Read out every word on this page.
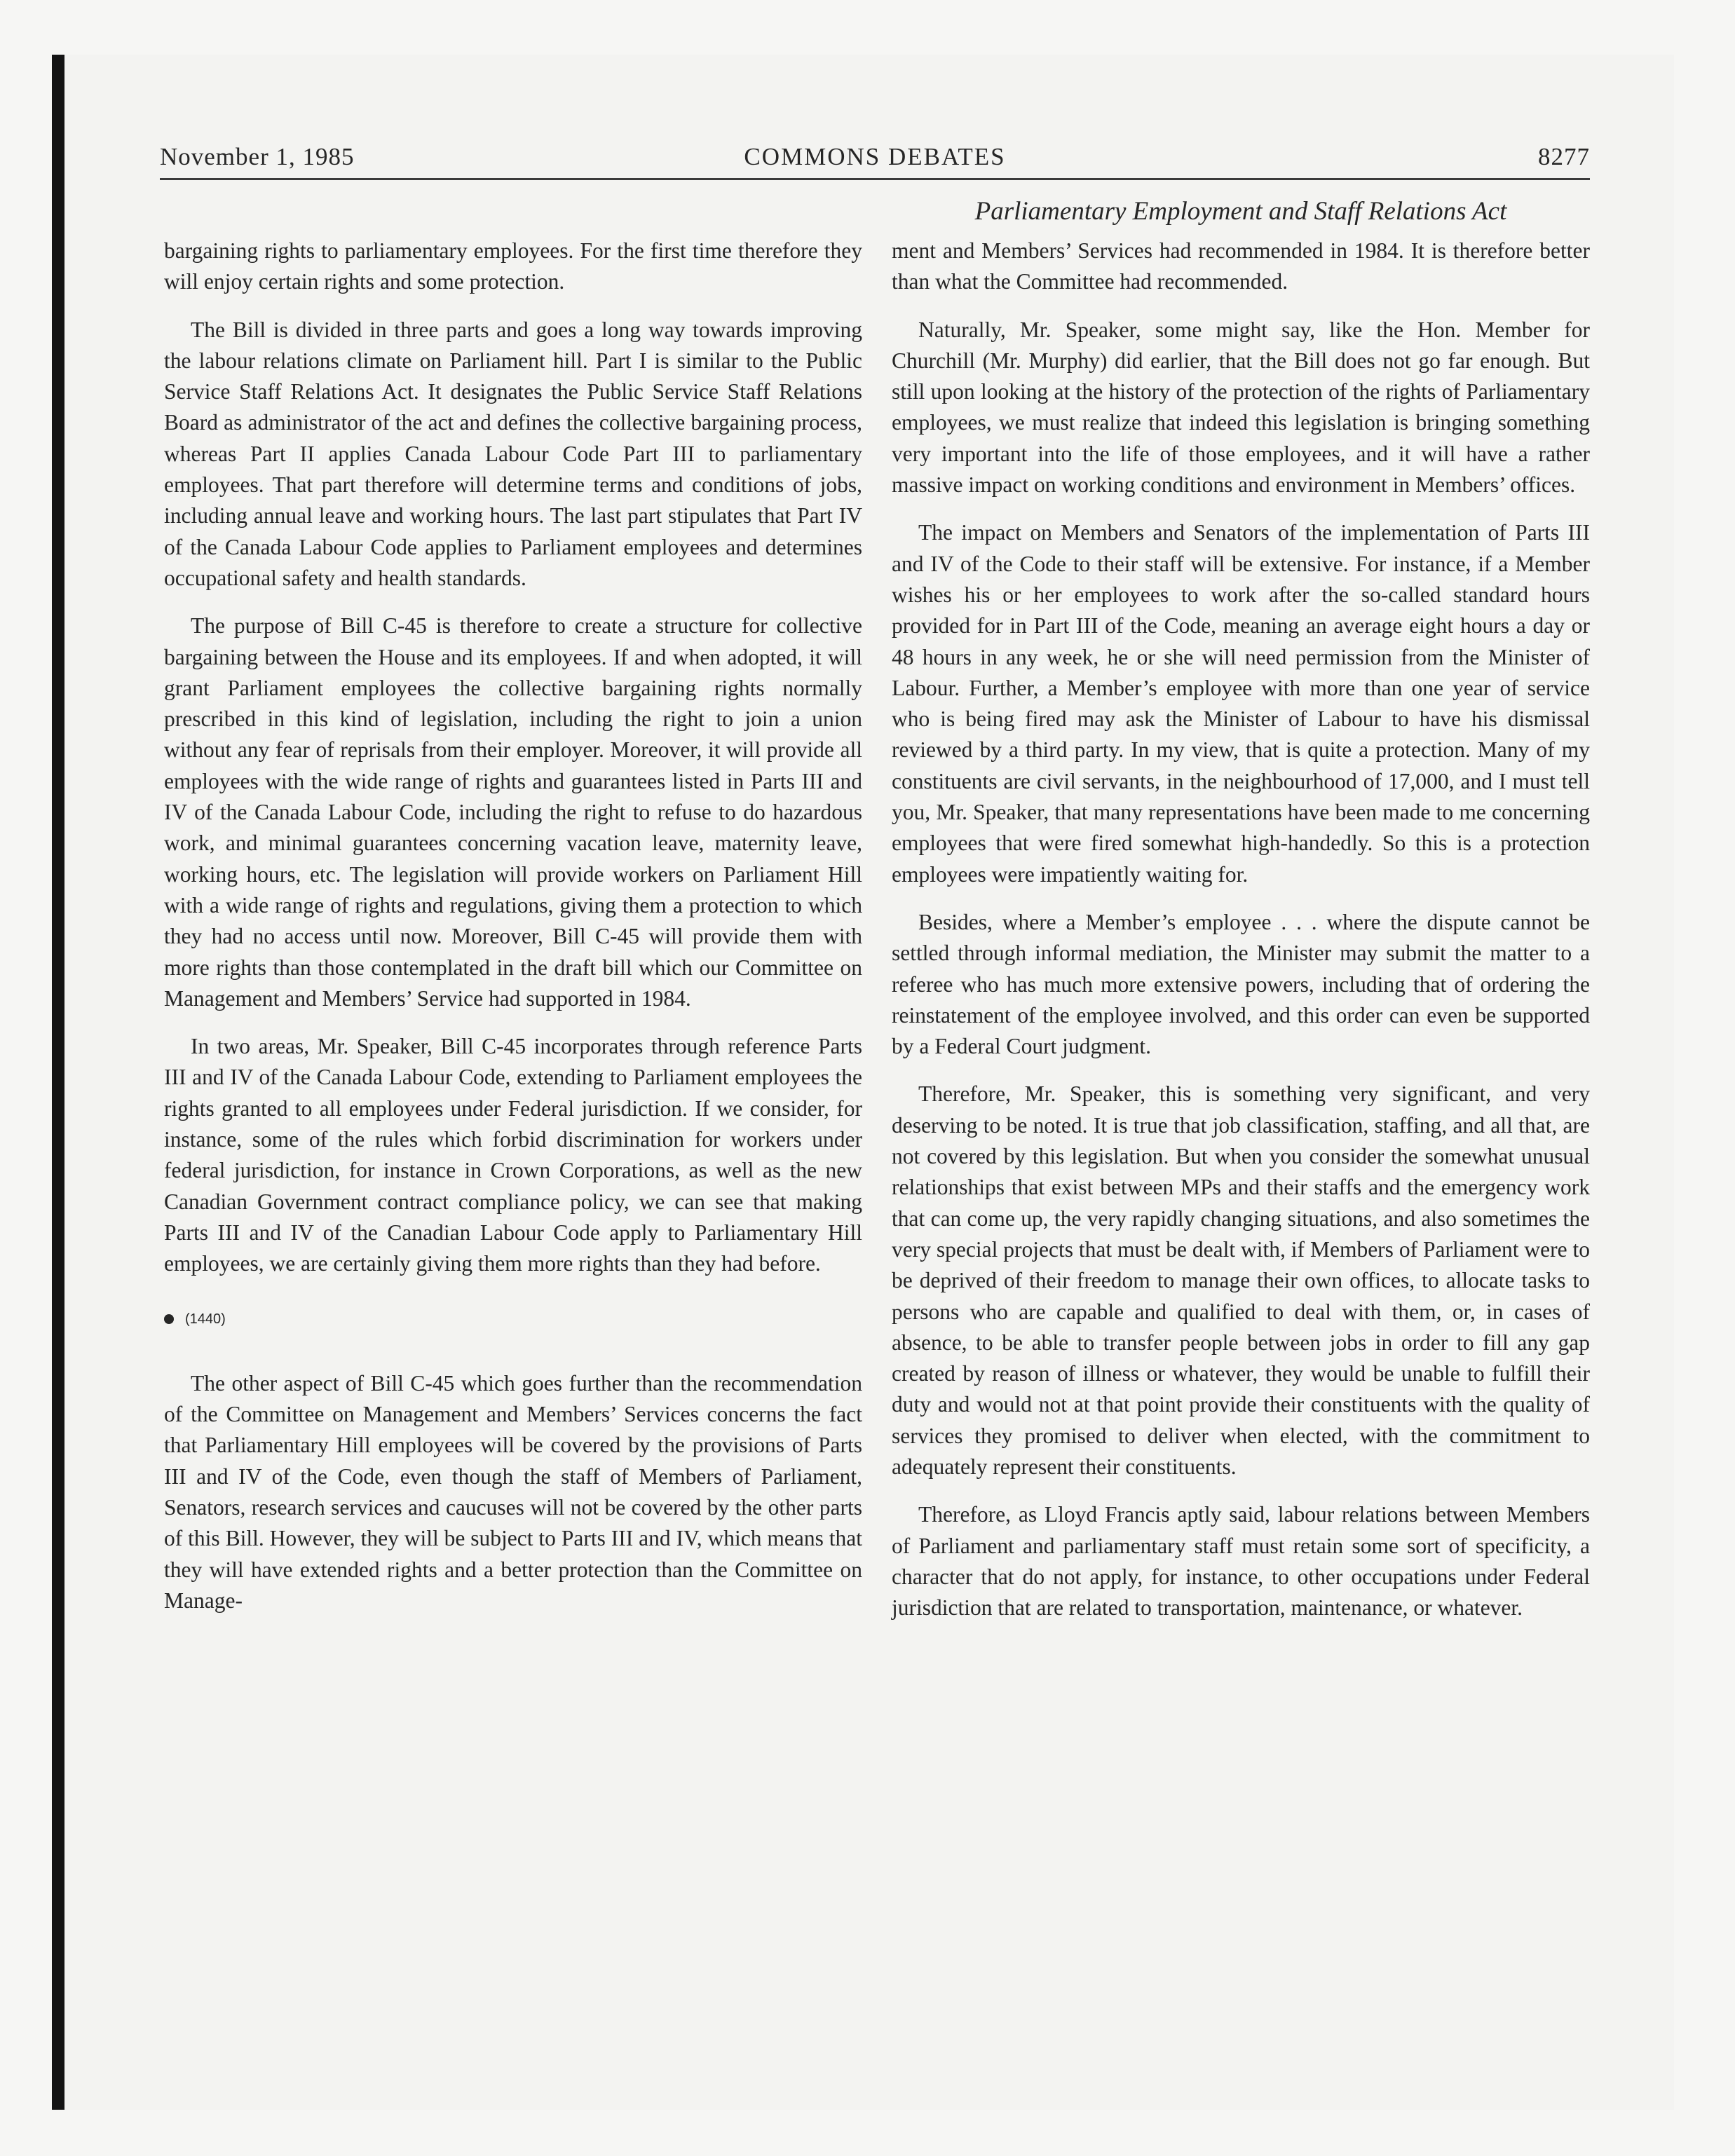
November 1, 1985	COMMONS DEBATES	8277
Parliamentary Employment and Staff Relations Act

bargaining rights to parliamentary employees. For the first time therefore they will enjoy certain rights and some protection.

The Bill is divided in three parts and goes a long way towards improving the labour relations climate on Parliament hill. Part I is similar to the Public Service Staff Relations Act. It designates the Public Service Staff Relations Board as administrator of the act and defines the collective bargaining process, whereas Part II applies Canada Labour Code Part III to parliamentary employees. That part therefore will determine terms and conditions of jobs, including annual leave and working hours. The last part stipulates that Part IV of the Canada Labour Code applies to Parliament employees and determines occupational safety and health standards.

The purpose of Bill C-45 is therefore to create a structure for collective bargaining between the House and its employees. If and when adopted, it will grant Parliament employees the collective bargaining rights normally prescribed in this kind of legislation, including the right to join a union without any fear of reprisals from their employer. Moreover, it will provide all employees with the wide range of rights and guarantees listed in Parts III and IV of the Canada Labour Code, including the right to refuse to do hazardous work, and minimal guarantees concerning vacation leave, maternity leave, working hours, etc. The legislation will provide workers on Parliament Hill with a wide range of rights and regulations, giving them a protection to which they had no access until now. Moreover, Bill C-45 will provide them with more rights than those contemplated in the draft bill which our Committee on Management and Members’ Service had supported in 1984.

In two areas, Mr. Speaker, Bill C-45 incorporates through reference Parts III and IV of the Canada Labour Code, extending to Parliament employees the rights granted to all employees under Federal jurisdiction. If we consider, for instance, some of the rules which forbid discrimination for workers under federal jurisdiction, for instance in Crown Corporations, as well as the new Canadian Government contract compliance policy, we can see that making Parts III and IV of the Canadian Labour Code apply to Parliamentary Hill employees, we are certainly giving them more rights than they had before.

(1440)

The other aspect of Bill C-45 which goes further than the recommendation of the Committee on Management and Members’ Services concerns the fact that Parliamentary Hill employees will be covered by the provisions of Parts III and IV of the Code, even though the staff of Members of Parliament, Senators, research services and caucuses will not be covered by the other parts of this Bill. However, they will be subject to Parts III and IV, which means that they will have extended rights and a better protection than the Committee on Manage-

ment and Members’ Services had recommended in 1984. It is therefore better than what the Committee had recommended.

Naturally, Mr. Speaker, some might say, like the Hon. Member for Churchill (Mr. Murphy) did earlier, that the Bill does not go far enough. But still upon looking at the history of the protection of the rights of Parliamentary employees, we must realize that indeed this legislation is bringing something very important into the life of those employees, and it will have a rather massive impact on working conditions and environment in Members’ offices.

The impact on Members and Senators of the implementation of Parts III and IV of the Code to their staff will be extensive. For instance, if a Member wishes his or her employees to work after the so-called standard hours provided for in Part III of the Code, meaning an average eight hours a day or 48 hours in any week, he or she will need permission from the Minister of Labour. Further, a Member’s employee with more than one year of service who is being fired may ask the Minister of Labour to have his dismissal reviewed by a third party. In my view, that is quite a protection. Many of my constituents are civil servants, in the neighbourhood of 17,000, and I must tell you, Mr. Speaker, that many representations have been made to me concerning employees that were fired somewhat high-handedly. So this is a protection employees were impatiently waiting for.

Besides, where a Member’s employee . . . where the dispute cannot be settled through informal mediation, the Minister may submit the matter to a referee who has much more extensive powers, including that of ordering the reinstatement of the employee involved, and this order can even be supported by a Federal Court judgment.

Therefore, Mr. Speaker, this is something very significant, and very deserving to be noted. It is true that job classification, staffing, and all that, are not covered by this legislation. But when you consider the somewhat unusual relationships that exist between MPs and their staffs and the emergency work that can come up, the very rapidly changing situations, and also sometimes the very special projects that must be dealt with, if Members of Parliament were to be deprived of their freedom to manage their own offices, to allocate tasks to persons who are capable and qualified to deal with them, or, in cases of absence, to be able to transfer people between jobs in order to fill any gap created by reason of illness or whatever, they would be unable to fulfill their duty and would not at that point provide their constituents with the quality of services they promised to deliver when elected, with the commitment to adequately represent their constituents.

Therefore, as Lloyd Francis aptly said, labour relations between Members of Parliament and parliamentary staff must retain some sort of specificity, a character that do not apply, for instance, to other occupations under Federal jurisdiction that are related to transportation, maintenance, or whatever.
